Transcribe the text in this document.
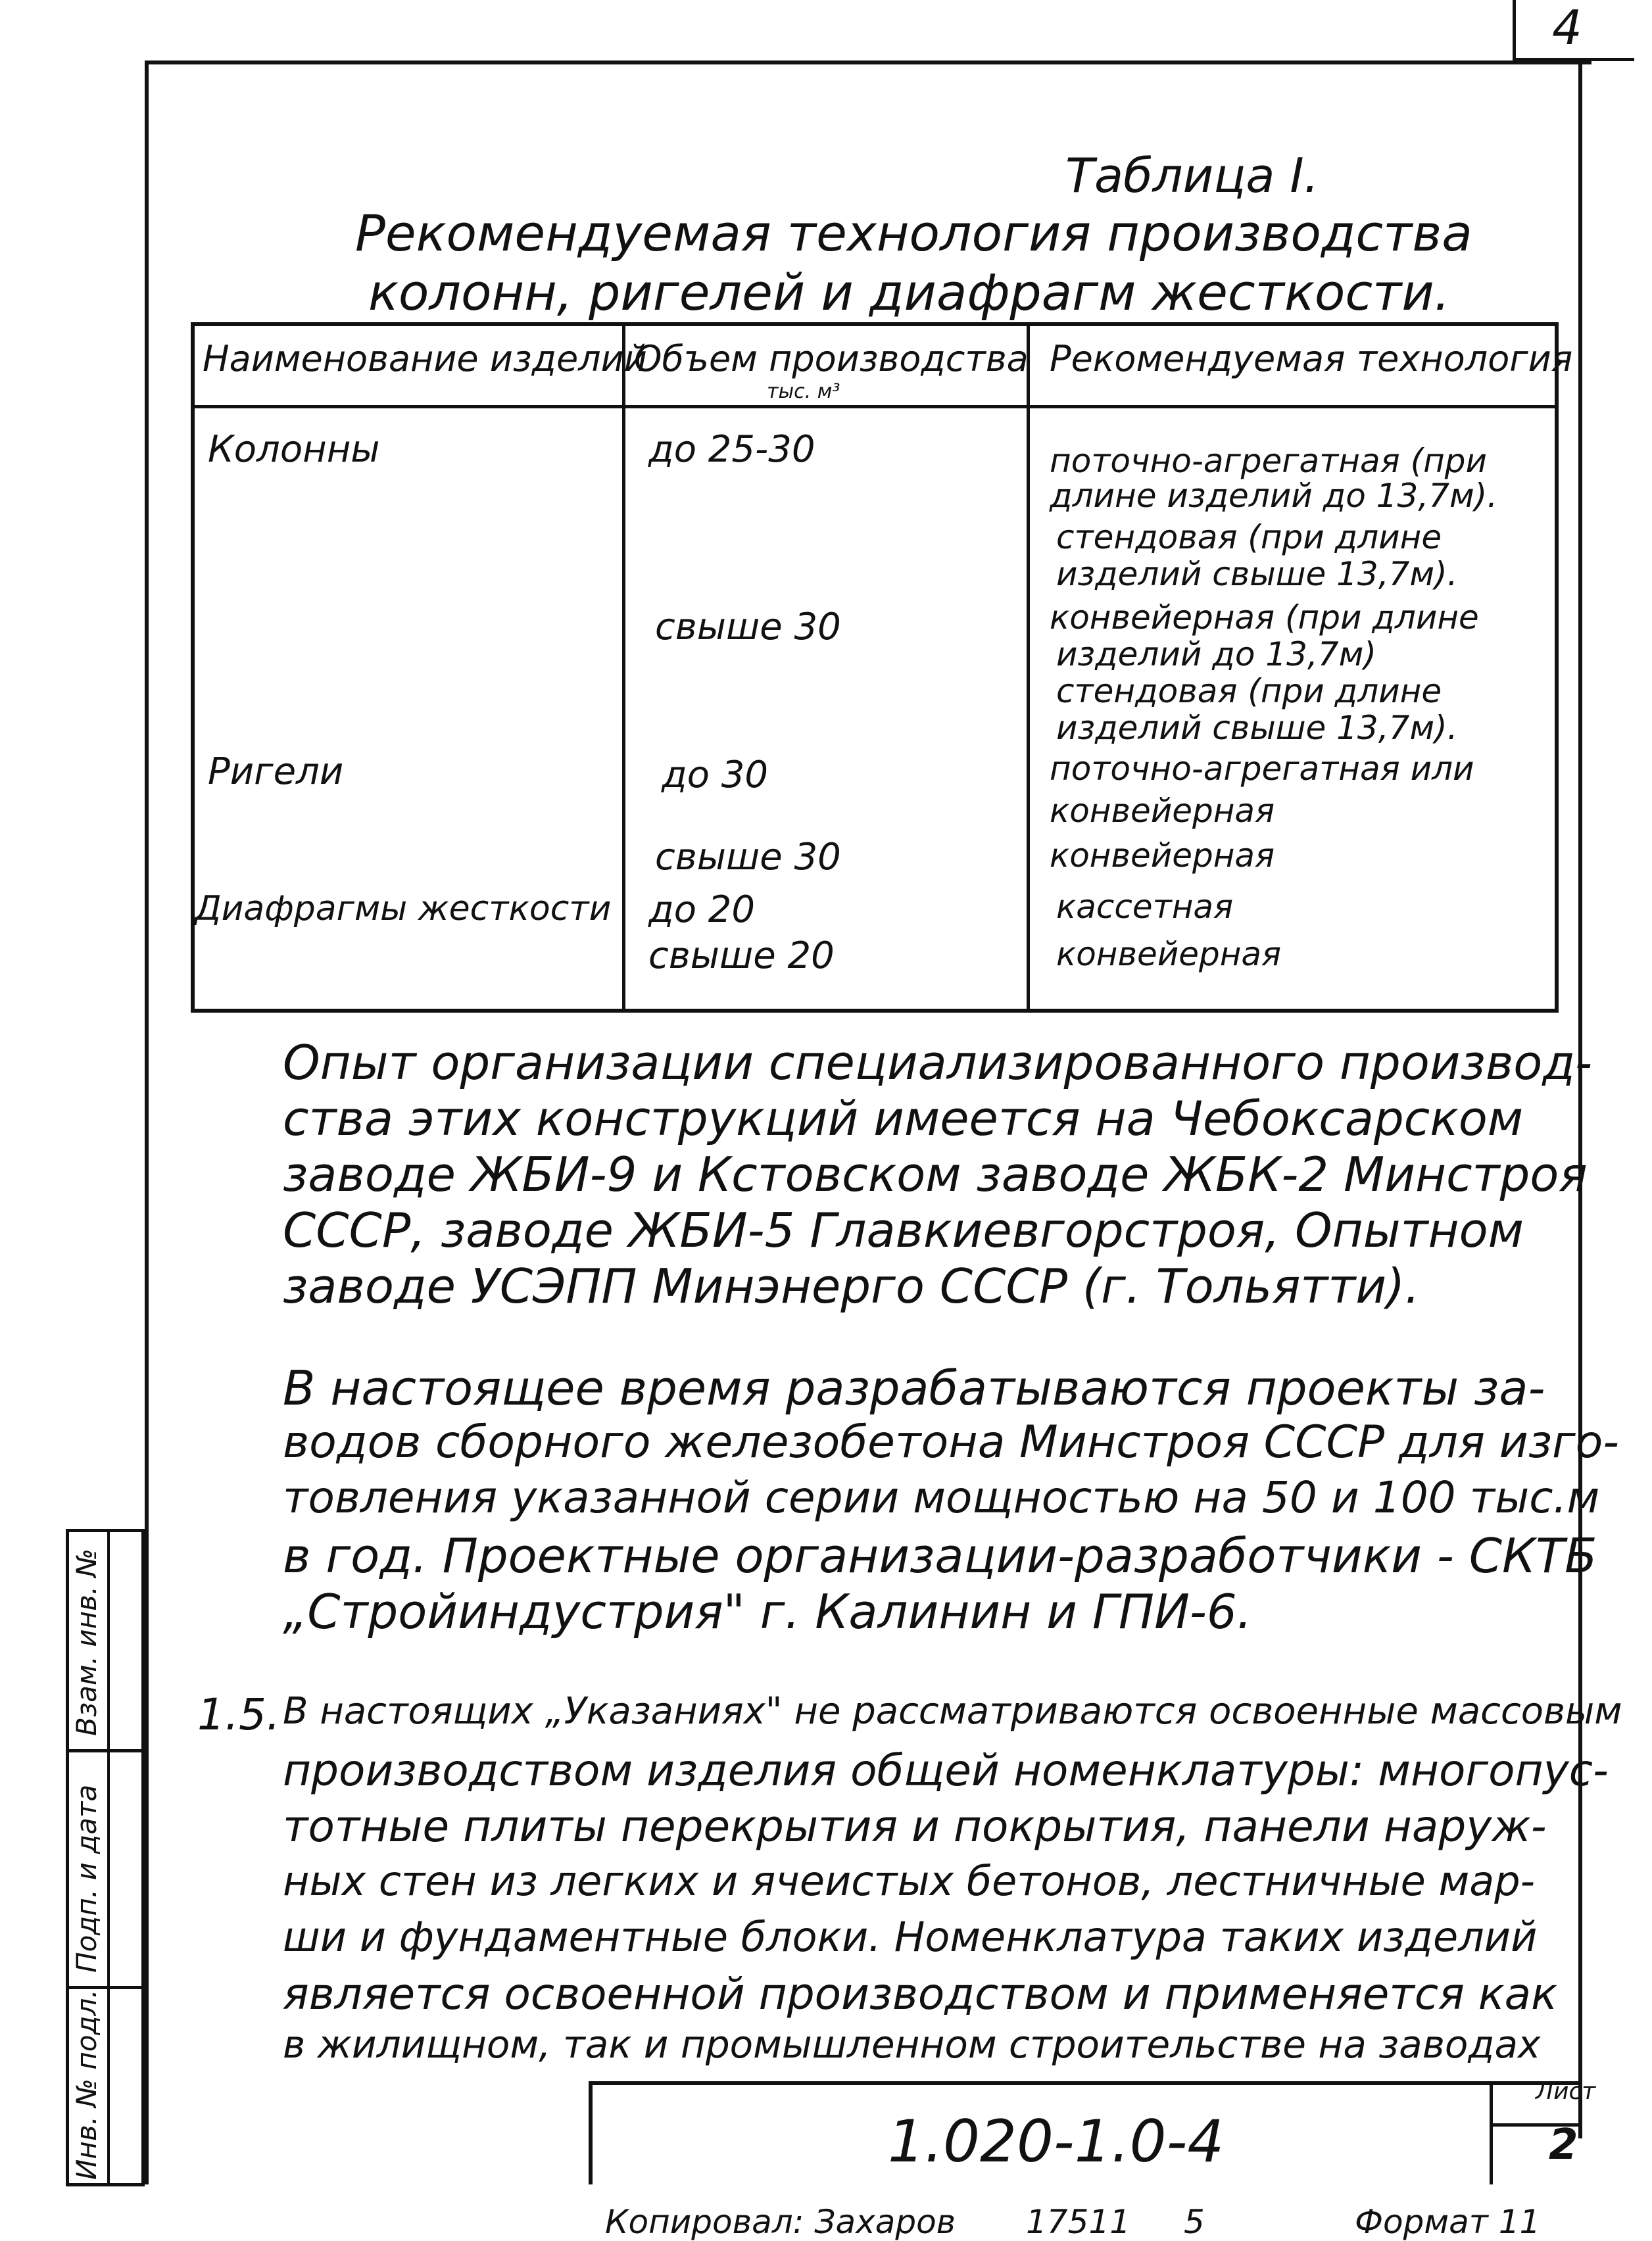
4
Таблица I.
Рекомендуемая технология производства
колонн, ригелей и диафрагм жесткости.
Наименование изделий
Объем производства
тыс. м³
Рекомендуемая технология
Колонны
Ригели
Диафрагмы жесткости
до 25-30
свыше 30
до 30
свыше 30
до 20
свыше 20
поточно-агрегатная (при
длине изделий до 13,7м).
стендовая (при длине
изделий свыше 13,7м).
конвейерная (при длине
изделий до 13,7м)
стендовая (при длине
изделий свыше 13,7м).
поточно-агрегатная или
конвейерная
конвейерная
кассетная
конвейерная
Опыт организации специализированного производ-
ства этих конструкций имеется на Чебоксарском
заводе ЖБИ-9 и Кстовском заводе ЖБК-2 Минстроя
СССР, заводе ЖБИ-5 Главкиевгорстроя, Опытном
заводе УСЭПП Минэнерго СССР (г. Тольятти).
В настоящее время разрабатываются проекты за-
водов сборного железобетона Минстроя СССР для изго-
товления указанной серии мощностью на 50 и 100 тыс.м
в год. Проектные организации-разработчики - СКТБ
„Стройиндустрия" г. Калинин и ГПИ-6.
1.5. В настоящих „Указаниях" не рассматриваются освоенные массовым
производством изделия общей номенклатуры: многопус-
тотные плиты перекрытия и покрытия, панели наруж-
ных стен из легких и ячеистых бетонов, лестничные мар-
ши и фундаментные блоки. Номенклатура таких изделий
является освоенной производством и применяется как
в жилищном, так и промышленном строительстве на заводах
Взам. инв. №
Подп. и дата
Инв. № подл.	1.020-1.0-4
Лист
2
Копировал: Захаров 17511 5	Формат 11
